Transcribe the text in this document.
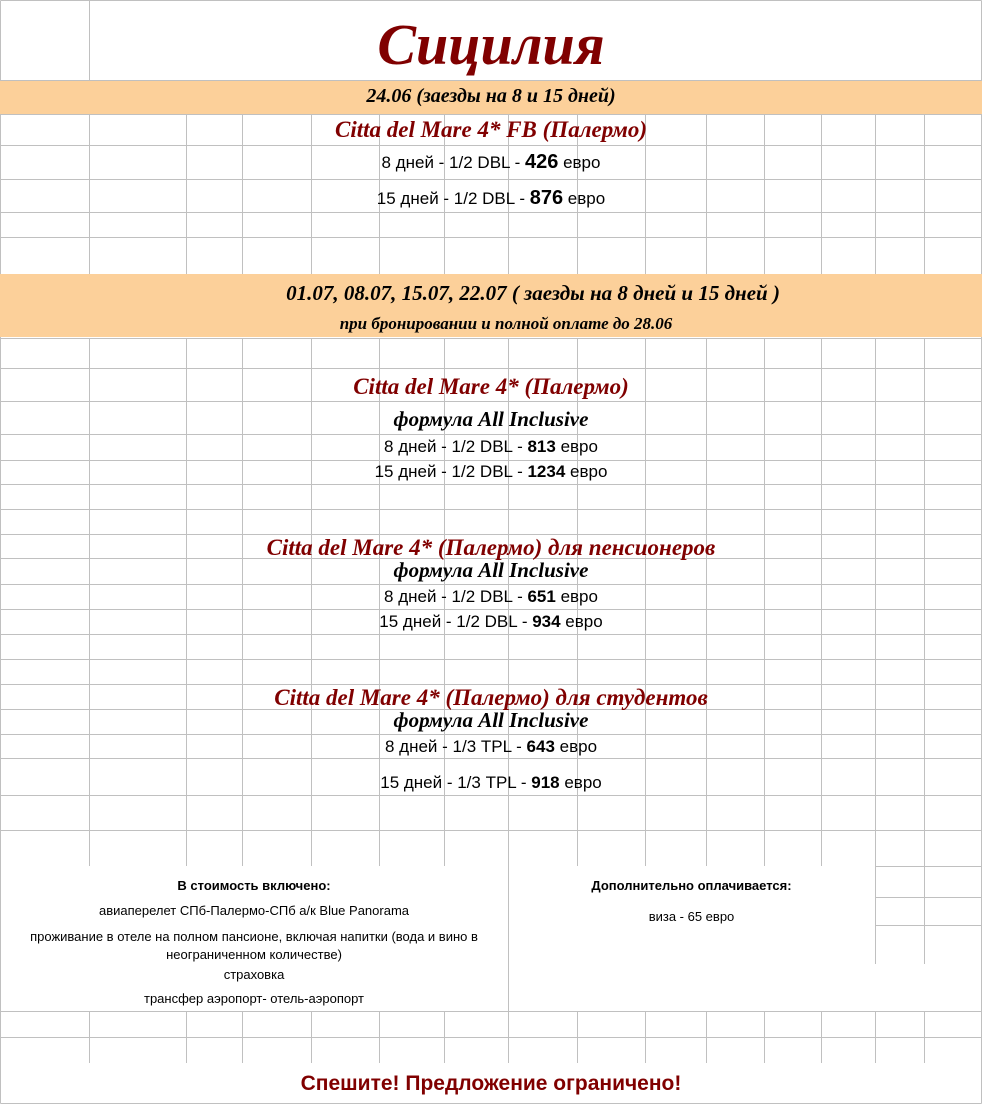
Сицилия
24.06 (заезды на 8 и 15 дней)
Citta del Mare 4* FB (Палермо)
8 дней - 1/2 DBL - 426 евро
15 дней - 1/2 DBL - 876 евро
01.07, 08.07, 15.07, 22.07 ( заезды на 8 дней и 15 дней )
при бронировании и полной оплате до 28.06
Citta del Mare 4* (Палермо)
формула All Inclusive
8 дней - 1/2 DBL - 813 евро
15 дней - 1/2 DBL - 1234 евро
Citta del Mare 4* (Палермо) для пенсионеров
формула All Inclusive
8 дней - 1/2 DBL - 651 евро
15 дней - 1/2 DBL - 934 евро
Citta del Mare 4* (Палермо) для студентов
формула All Inclusive
8 дней - 1/3 TPL - 643 евро
15 дней - 1/3 TPL - 918 евро
В стоимость включено:	Дополнительно оплачивается:
авиаперелет СПб-Палермо-СПб а/к Blue Panorama
проживание в отеле на полном пансионе, включая напитки (вода и вино в
неограниченном количестве)
страховка
трансфер аэропорт- отель-аэропорт
виза - 65 евро
Спешите! Предложение ограничено!
